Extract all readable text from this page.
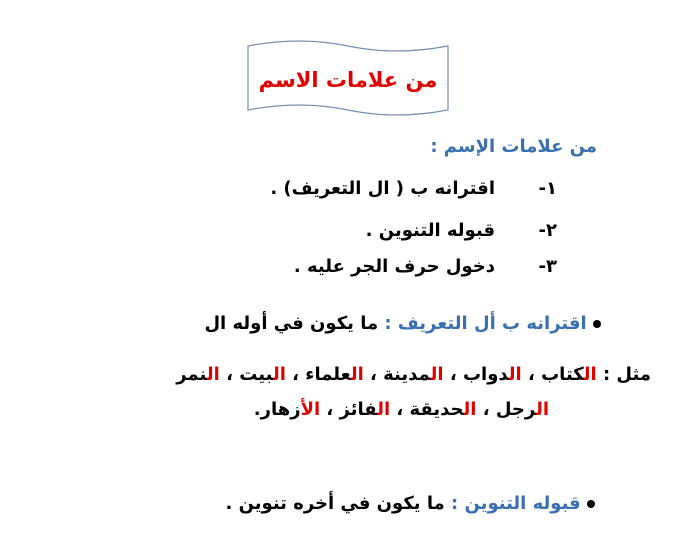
من علامات الاسم
من علامات الإسم :
١-
اقترانه ب ( ال التعريف) .
٢-
قبوله التنوين .
٣-
دخول حرف الجر عليه .
اقترانه ب أل التعريف : ما يكون في أوله ال
مثل : الكتاب ، الدواب ، المدينة ، العلماء ، البيت ، النمر
الرجل ، الحديقة ، الفائز ، الأزهار.
قبوله التنوين : ما يكون في أخره تنوين .
